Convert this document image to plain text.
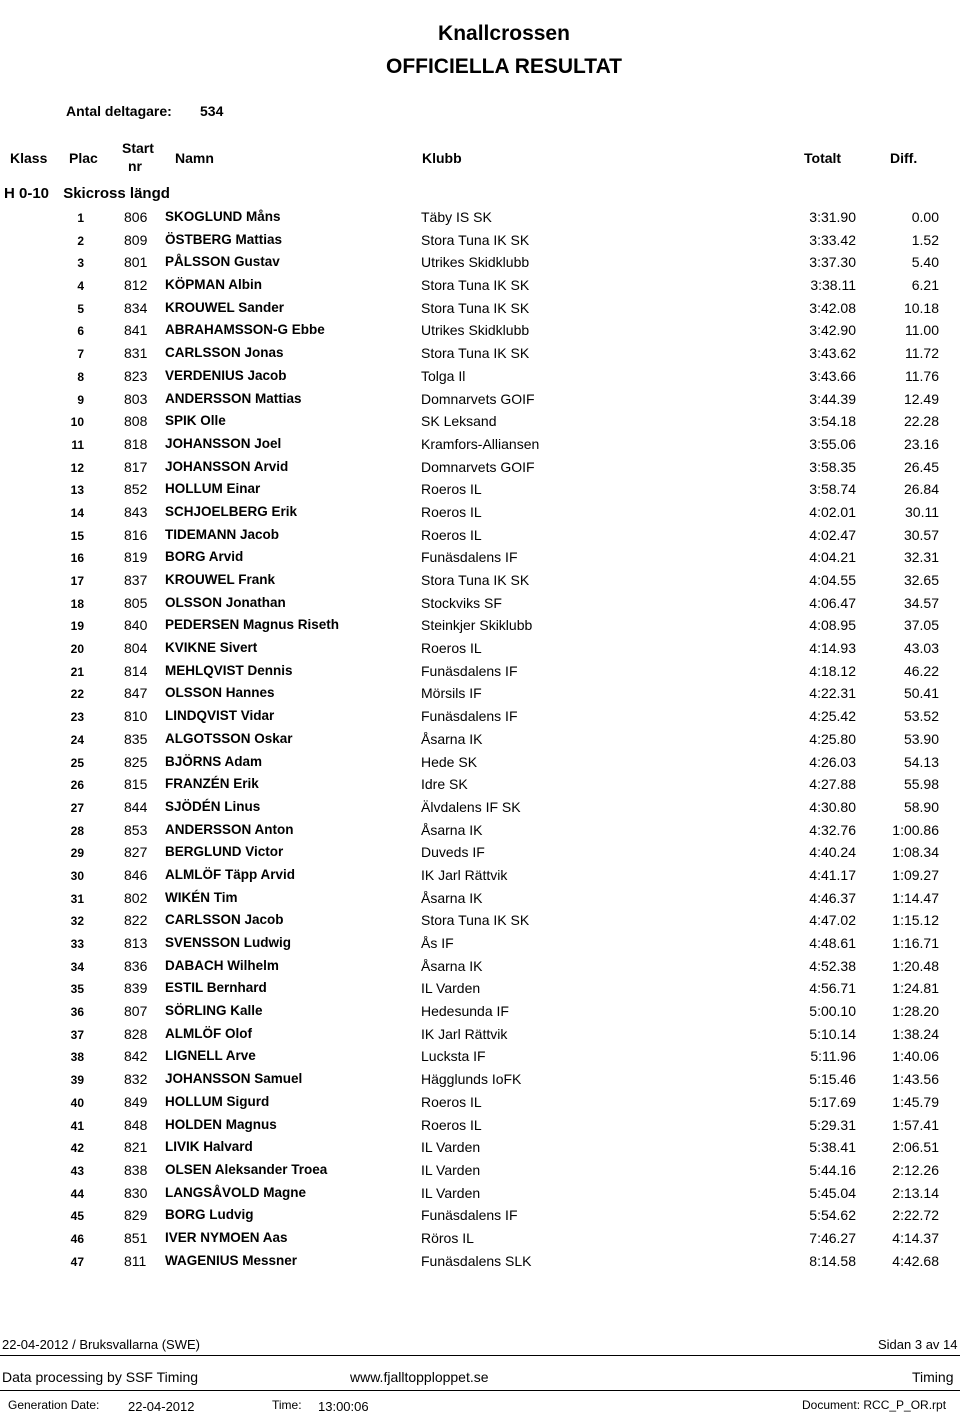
Knallcrossen
OFFICIELLA RESULTAT
Antal deltagare: 534
Klass Plac
Start
nr Namn	Klubb	Totalt	Diff.
H 0-10 Skicross längd
1	806 SKOGLUND Måns	Täby IS SK	3:31.90	0.00
2	809 ÖSTBERG Mattias	Stora Tuna IK SK	3:33.42	1.52
3	801 PÅLSSON Gustav	Utrikes Skidklubb	3:37.30	5.40
4	812 KÖPMAN Albin	Stora Tuna IK SK	3:38.11	6.21
5	834 KROUWEL Sander	Stora Tuna IK SK	3:42.08	10.18
6	841 ABRAHAMSSON-G Ebbe	Utrikes Skidklubb	3:42.90	11.00
7	831 CARLSSON Jonas	Stora Tuna IK SK	3:43.62	11.72
8	823 VERDENIUS Jacob	Tolga Il	3:43.66	11.76
9	803 ANDERSSON Mattias	Domnarvets GOIF	3:44.39	12.49
10	808 SPIK Olle	SK Leksand	3:54.18	22.28
11	818 JOHANSSON Joel	Kramfors-Alliansen	3:55.06	23.16
12	817 JOHANSSON Arvid	Domnarvets GOIF	3:58.35	26.45
13	852 HOLLUM Einar	Roeros IL	3:58.74	26.84
14	843 SCHJOELBERG Erik	Roeros IL	4:02.01	30.11
15	816 TIDEMANN Jacob	Roeros IL	4:02.47	30.57
16	819 BORG Arvid	Funäsdalens IF	4:04.21	32.31
17	837 KROUWEL Frank	Stora Tuna IK SK	4:04.55	32.65
18	805 OLSSON Jonathan	Stockviks SF	4:06.47	34.57
19	840 PEDERSEN Magnus Riseth	Steinkjer Skiklubb	4:08.95	37.05
20	804 KVIKNE Sivert	Roeros IL	4:14.93	43.03
21	814 MEHLQVIST Dennis	Funäsdalens IF	4:18.12	46.22
22	847 OLSSON Hannes	Mörsils IF	4:22.31	50.41
23	810 LINDQVIST Vidar	Funäsdalens IF	4:25.42	53.52
24	835 ALGOTSSON Oskar	Åsarna IK	4:25.80	53.90
25	825 BJÖRNS Adam	Hede SK	4:26.03	54.13
26	815 FRANZÉN Erik	Idre SK	4:27.88	55.98
27	844 SJÖDÉN Linus	Älvdalens IF SK	4:30.80	58.90
28	853 ANDERSSON Anton	Åsarna IK	4:32.76	1:00.86
29	827 BERGLUND Victor	Duveds IF	4:40.24	1:08.34
30	846 ALMLÖF Täpp Arvid	IK Jarl Rättvik	4:41.17	1:09.27
31	802 WIKÉN Tim	Åsarna IK	4:46.37	1:14.47
32	822 CARLSSON Jacob	Stora Tuna IK SK	4:47.02	1:15.12
33	813 SVENSSON Ludwig	Ås IF	4:48.61	1:16.71
34	836 DABACH Wilhelm	Åsarna IK	4:52.38	1:20.48
35	839 ESTIL Bernhard	IL Varden	4:56.71	1:24.81
36	807 SÖRLING Kalle	Hedesunda IF	5:00.10	1:28.20
37	828 ALMLÖF Olof	IK Jarl Rättvik	5:10.14	1:38.24
38	842 LIGNELL Arve	Lucksta IF	5:11.96	1:40.06
39	832 JOHANSSON Samuel	Hägglunds IoFK	5:15.46	1:43.56
40	849 HOLLUM Sigurd	Roeros IL	5:17.69	1:45.79
41	848 HOLDEN Magnus	Roeros IL	5:29.31	1:57.41
42	821 LIVIK Halvard	IL Varden	5:38.41	2:06.51
43	838 OLSEN Aleksander Troea	IL Varden	5:44.16	2:12.26
44	830 LANGSÅVOLD Magne	IL Varden	5:45.04	2:13.14
45	829 BORG Ludvig	Funäsdalens IF	5:54.62	2:22.72
46	851 IVER NYMOEN Aas	Röros IL	7:46.27	4:14.37
47	811 WAGENIUS Messner	Funäsdalens SLK	8:14.58	4:42.68
22-04-2012 / Bruksvallarna (SWE)	Sidan 3 av 14
Data processing by SSF Timing	www.fjalltopploppet.se	Timing
Generation Date: 22-04-2012	Time: 13:00:06	Document: RCC_P_OR.rpt
